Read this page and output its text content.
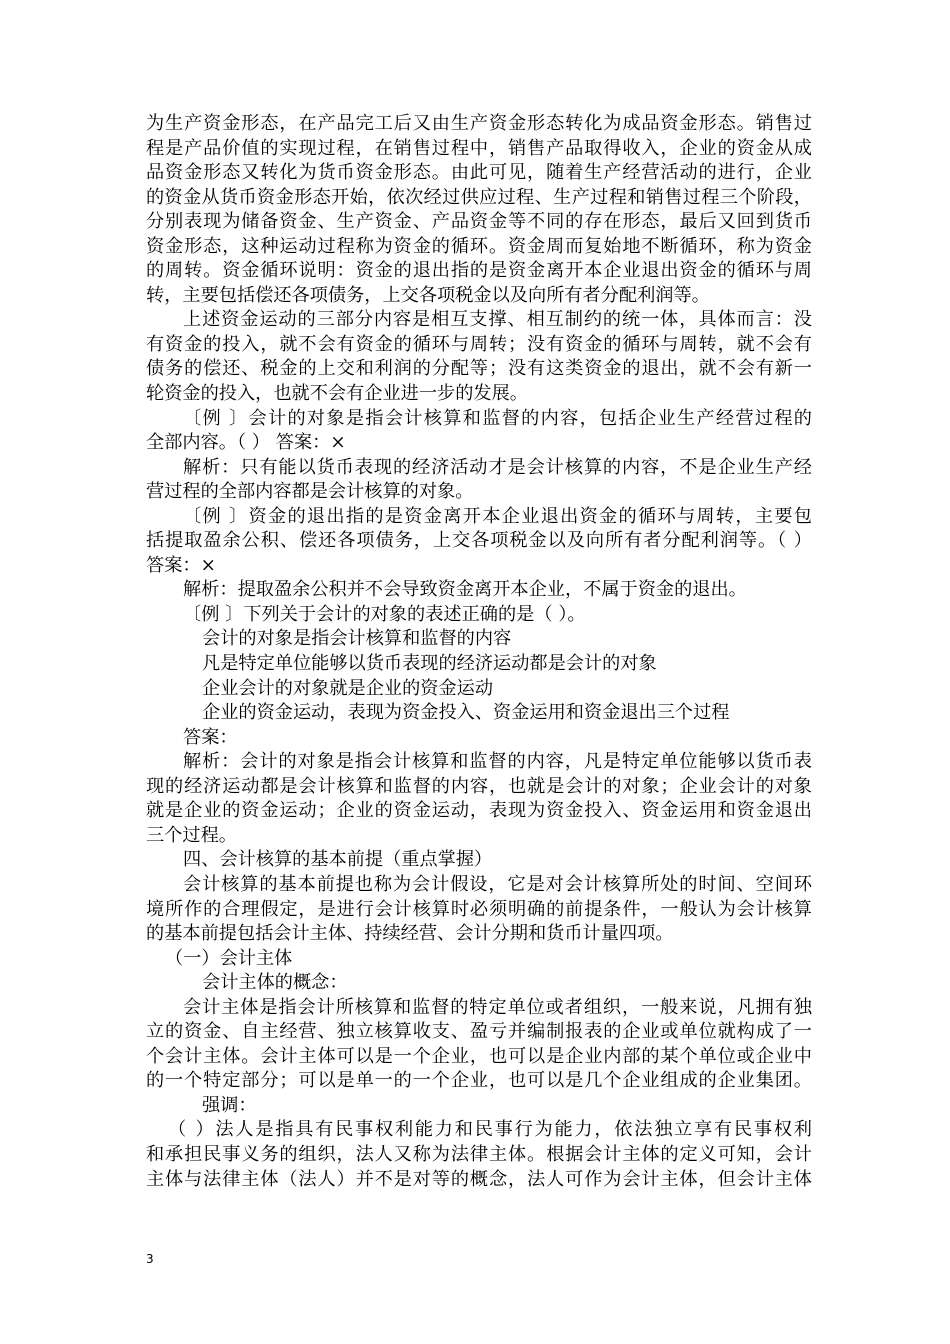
为生产资金形态，在产品完工后又由生产资金形态转化为成品资金形态。销售过
程是产品价值的实现过程，在销售过程中，销售产品取得收入，企业的资金从成
品资金形态又转化为货币资金形态。由此可见，随着生产经营活动的进行，企业
的资金从货币资金形态开始，依次经过供应过程、生产过程和销售过程三个阶段，
分别表现为储备资金、生产资金、产品资金等不同的存在形态，最后又回到货币
资金形态，这种运动过程称为资金的循环。资金周而复始地不断循环，称为资金
的周转。资金循环说明：资金的退出指的是资金离开本企业退出资金的循环与周
转，主要包括偿还各项债务，上交各项税金以及向所有者分配利润等。
上述资金运动的三部分内容是相互支撑、相互制约的统一体，具体而言：没
有资金的投入，就不会有资金的循环与周转；没有资金的循环与周转，就不会有
债务的偿还、税金的上交和利润的分配等；没有这类资金的退出，就不会有新一
轮资金的投入，也就不会有企业进一步的发展。
〔例 〕会计的对象是指会计核算和监督的内容，包括企业生产经营过程的
全部内容。（ ） 答案：×
解析：只有能以货币表现的经济活动才是会计核算的内容，不是企业生产经
营过程的全部内容都是会计核算的对象。
〔例 〕资金的退出指的是资金离开本企业退出资金的循环与周转，主要包
括提取盈余公积、偿还各项债务，上交各项税金以及向所有者分配利润等。（ ）
答案：×
解析：提取盈余公积并不会导致资金离开本企业，不属于资金的退出。
〔例 〕下列关于会计的对象的表述正确的是（ ）。
会计的对象是指会计核算和监督的内容
凡是特定单位能够以货币表现的经济运动都是会计的对象
企业会计的对象就是企业的资金运动
企业的资金运动，表现为资金投入、资金运用和资金退出三个过程
答案：
解析：会计的对象是指会计核算和监督的内容，凡是特定单位能够以货币表
现的经济运动都是会计核算和监督的内容，也就是会计的对象；企业会计的对象
就是企业的资金运动；企业的资金运动，表现为资金投入、资金运用和资金退出
三个过程。
四、会计核算的基本前提（重点掌握）
会计核算的基本前提也称为会计假设，它是对会计核算所处的时间、空间环
境所作的合理假定，是进行会计核算时必须明确的前提条件，一般认为会计核算
的基本前提包括会计主体、持续经营、会计分期和货币计量四项。
（一）会计主体
会计主体的概念：
会计主体是指会计所核算和监督的特定单位或者组织，一般来说，凡拥有独
立的资金、自主经营、独立核算收支、盈亏并编制报表的企业或单位就构成了一
个会计主体。会计主体可以是一个企业，也可以是企业内部的某个单位或企业中
的一个特定部分；可以是单一的一个企业，也可以是几个企业组成的企业集团。
强调：
（ ）法人是指具有民事权利能力和民事行为能力，依法独立享有民事权利
和承担民事义务的组织，法人又称为法律主体。根据会计主体的定义可知，会计
主体与法律主体（法人）并不是对等的概念，法人可作为会计主体，但会计主体
3
